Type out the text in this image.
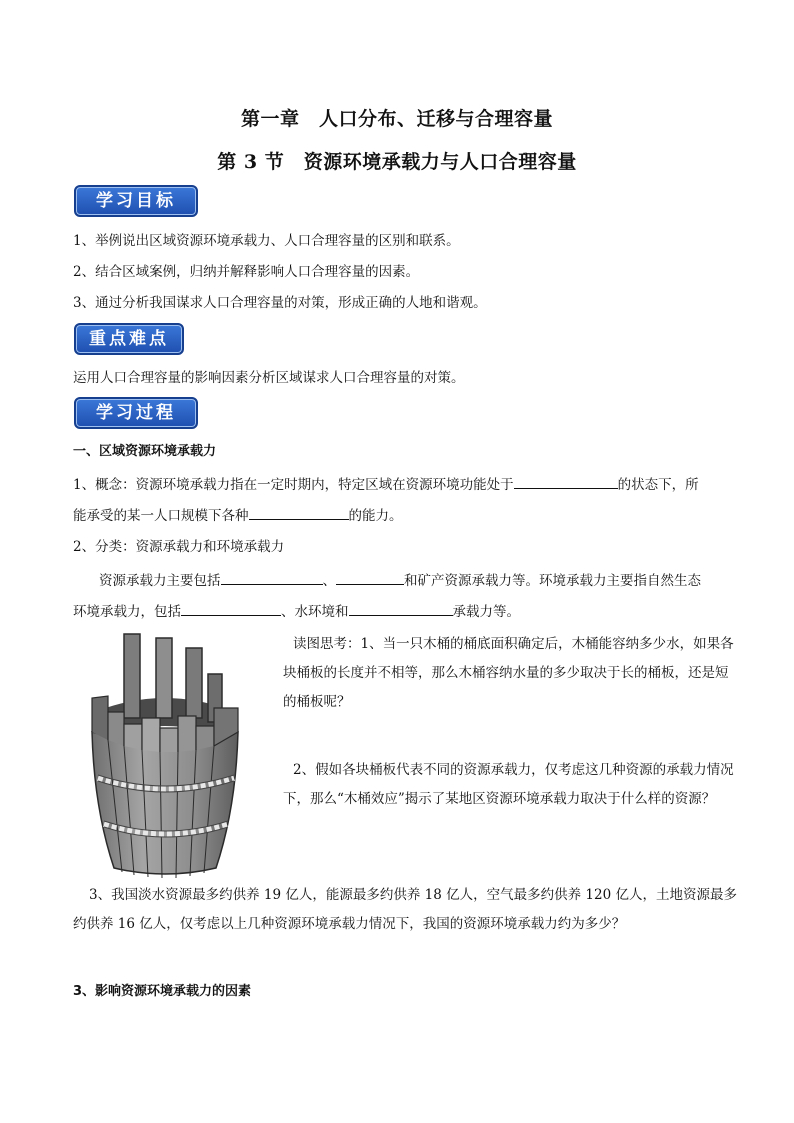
第一章　人口分布、迁移与合理容量
第 3 节　资源环境承载力与人口合理容量
学习目标
1、举例说出区域资源环境承载力、人口合理容量的区别和联系。
2、结合区域案例，归纳并解释影响人口合理容量的因素。
3、通过分析我国谋求人口合理容量的对策，形成正确的人地和谐观。
重点难点
运用人口合理容量的影响因素分析区域谋求人口合理容量的对策。
学习过程
一、区域资源环境承载力
1、概念：资源环境承载力指在一定时期内，特定区域在资源环境功能处于	的状态下，所
能承受的某一人口规模下各种	的能力。
2、分类：资源承载力和环境承载力
资源承载力主要包括	、	和矿产资源承载力等。环境承载力主要指自然生态
环境承载力，包括	、水环境和	承载力等。
读图思考：1、当一只木桶的桶底面积确定后，木桶能容纳多少水，如果各块桶板的长度并不相等，那么木桶容纳水量的多少取决于长的桶板，还是短的桶板呢？
2、假如各块桶板代表不同的资源承载力，仅考虑这几种资源的承载力情况下，那么“木桶效应”揭示了某地区资源环境承载力取决于什么样的资源？
3、我国淡水资源最多约供养 19 亿人，能源最多约供养 18 亿人，空气最多约供养 120 亿人，土地资源最多约供养 16 亿人，仅考虑以上几种资源环境承载力情况下，我国的资源环境承载力约为多少？
3、影响资源环境承载力的因素
